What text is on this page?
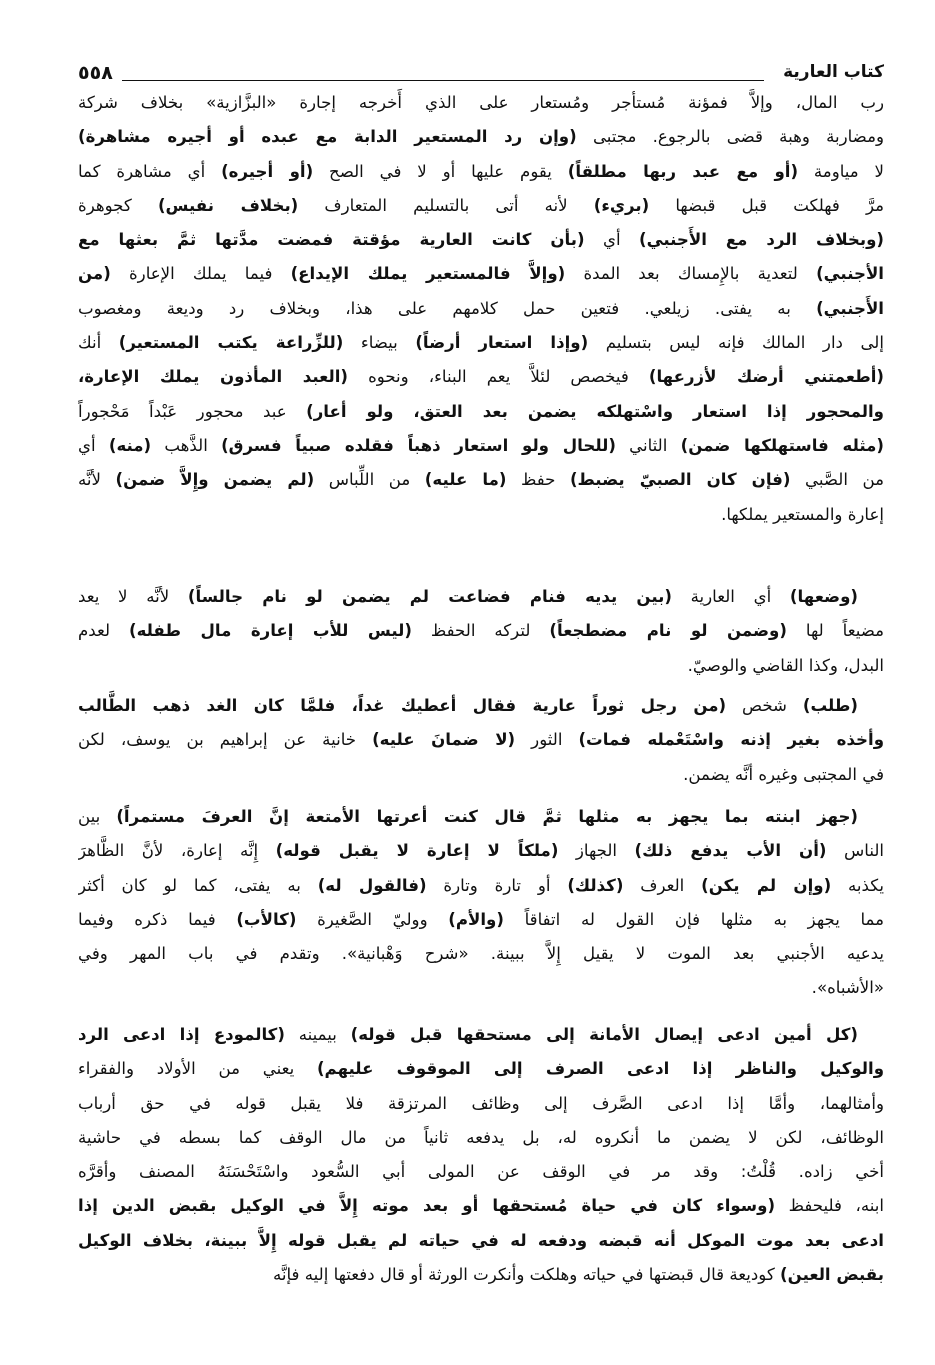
٥٥٨	كتاب العارية
رب المال، وإلاَّ فمؤنة مُستأجر ومُستعار على الذي أَخرجه إجارة «البزَّازية» بخلاف شركة
ومضاربة وهبة قضى بالرجوع. مجتبى (وإن رد المستعير الدابة مع عبده أو أجيره مشاهرة)
لا مياومة (أو مع عبد ربها مطلقاً) يقوم عليها أو لا في الصح (أو أجيره) أي مشاهرة كما
مرَّ فهلكت قبل قبضها (بريء) لأنه أتى بالتسليم المتعارف (بخلاف نفيس) كجوهرة
(وبخلاف الرد مع الأَجنبي) أي (بأن كانت العارية مؤقتة فمضت مدَّتها ثمَّ بعثها مع
الأجنبي) لتعدية بالإِمساك بعد المدة (وإلاَّ فالمستعير يملك الإيداع) فيما يملك الإعارة (من
الأَجنبي) به يفتى. زيلعي. فتعين حمل كلامهم على هذا، وبخلاف رد وديعة ومغصوب
إلى دار المالك فإنه ليس بتسليم (وإذا استعار أرضاً) بيضاء (للزِّراعة يكتب المستعير) أنك
(أطعمتني أرضك لأزرعها) فيخصص لئلاَّ يعم البناء، ونحوه (العبد المأذون يملك الإعارة،
والمحجور إذا استعار واسْتهلكه يضمن بعد العتق، ولو أعار) عبد محجور عَبْداً مَحْجوراً
(مثله فاستهلكها ضمن) الثاني (للحال ولو استعار ذهباً فقلده صبياً فسرق) الذَّهب (منه) أي
من الصَّبي (فإن كان الصبيّ يضبط) حفظ (ما عليه) من اللِّباس (لم يضمن وإِلاَّ ضمن) لأنَّه
إعارة والمستعير يملكها.
(وضعها) أي العارية (بين يديه فنام فضاعت لم يضمن لو نام جالساً) لأنَّه لا يعد
مضيعاً لها (وضمن لو نام مضطجعاً) لتركه الحفظ (ليس للأب إعارة مال طفله) لعدم
البدل، وكذا القاضي والوصيّ.
(طلب) شخص (من رجل ثوراً عارية فقال أعطيك غداً، فلمَّا كان الغد ذهب الطَّالب
وأخذه بغير إذنه واسْتَعْمله فمات) الثور (لا ضمانَ عليه) خانية عن إبراهيم بن يوسف، لكن
في المجتبى وغيره أنَّه يضمن.
(جهز ابنته بما يجهز به مثلها ثمَّ قال كنت أعرتها الأمتعة إنَّ العرفَ مستمراً) بين
الناس (أن الأب يدفع ذلك) الجهاز (ملكاً لا إعارة لا يقبل قوله) إِنَّه إعارة، لأنَّ الظَّاهرَ
يكذبه (وإن لم يكن) العرف (كذلك) أو تارة وتارة (فالقول له) به يفتى، كما لو كان أكثر
مما يجهز به مثلها فإن القول له اتفاقاً (والأم) ووليّ الصَّغيرة (كالأب) فيما ذكره وفيما
يدعيه الأجنبي بعد الموت لا يقيل إِلاَّ ببينة. «شرح وَهْبانية». وتقدم في باب المهر وفي
«الأشباه».
(كل أمين ادعى إيصال الأمانة إلى مستحقها قبل قوله) بيمينه (كالمودع إذا ادعى الرد
والوكيل والناظر إذا ادعى الصرف إلى الموقوف عليهم) يعني من الأولاد والفقراء
وأمثالهما، وأمَّا إذا ادعى الصَّرف إلى وظائف المرتزقة فلا يقبل قوله في حق أرباب
الوظائف، لكن لا يضمن ما أنكروه له، بل يدفعه ثانياً من مال الوقف كما بسطه في حاشية
أخي زاده. قُلْتُ: وقد مر في الوقف عن المولى أبي السُّعود واسْتَحْسَنَهُ المصنف وأقرَّه
ابنه، فليحفظ (وسواء كان في حياة مُستحقها أو بعد موته إِلاَّ في الوكيل بقبض الدين إذا
ادعى بعد موت الموكل أنه قبضه ودفعه له في حياته لم يقبل قوله إِلاَّ ببينة، بخلاف الوكيل
بقبض العين) كوديعة قال قبضتها في حياته وهلكت وأنكرت الورثة أو قال دفعتها إليه فإنَّه
